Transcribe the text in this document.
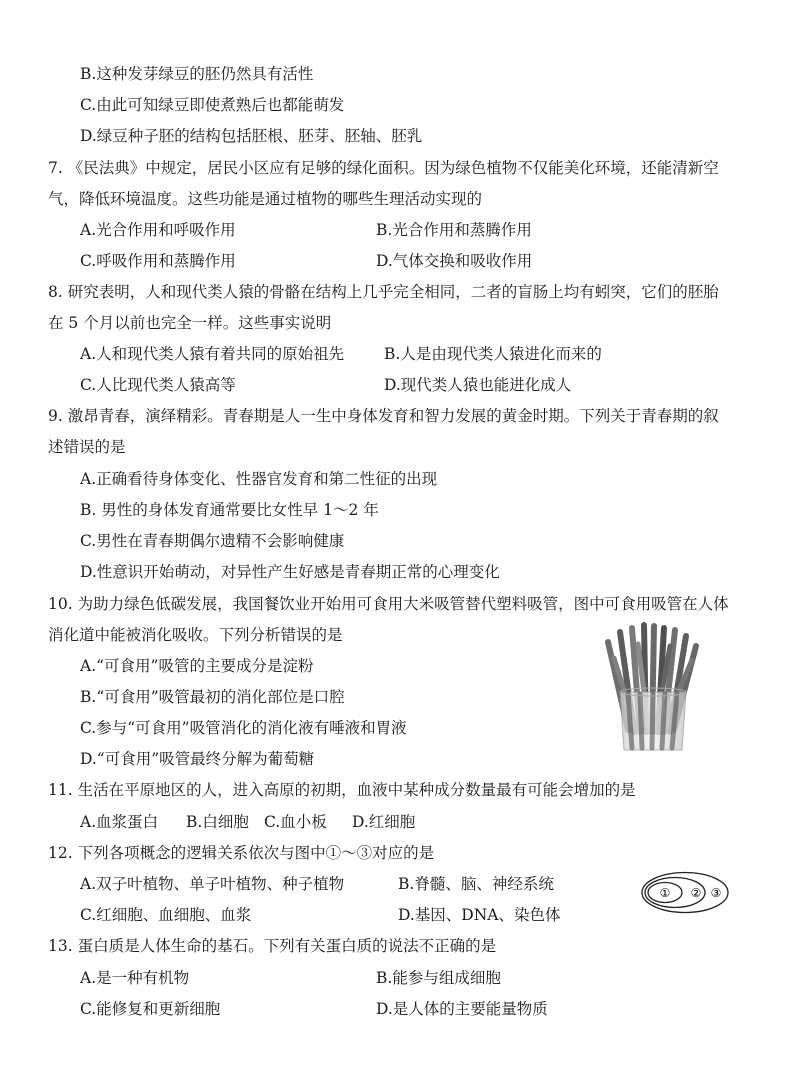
B.这种发芽绿豆的胚仍然具有活性
C.由此可知绿豆即使煮熟后也都能萌发
D.绿豆种子胚的结构包括胚根、胚芽、胚轴、胚乳
7. 《民法典》中规定，居民小区应有足够的绿化面积。因为绿色植物不仅能美化环境，还能清新空
气，降低环境温度。这些功能是通过植物的哪些生理活动实现的
A.光合作用和呼吸作用	B.光合作用和蒸腾作用
C.呼吸作用和蒸腾作用	D.气体交换和吸收作用
8. 研究表明，人和现代类人猿的骨骼在结构上几乎完全相同，二者的盲肠上均有蚓突，它们的胚胎
在 5 个月以前也完全一样。这些事实说明
A.人和现代类人猿有着共同的原始祖先	B.人是由现代类人猿进化而来的
C.人比现代类人猿高等	D.现代类人猿也能进化成人
9. 激昂青春，演绎精彩。青春期是人一生中身体发育和智力发展的黄金时期。下列关于青春期的叙
述错误的是
A.正确看待身体变化、性器官发育和第二性征的出现
B. 男性的身体发育通常要比女性早 1～2 年
C.男性在青春期偶尔遗精不会影响健康
D.性意识开始萌动，对异性产生好感是青春期正常的心理变化
10. 为助力绿色低碳发展，我国餐饮业开始用可食用大米吸管替代塑料吸管，图中可食用吸管在人体
消化道中能被消化吸收。下列分析错误的是
A.“可食用”吸管的主要成分是淀粉
B.“可食用”吸管最初的消化部位是口腔
C.参与“可食用”吸管消化的消化液有唾液和胃液
D.“可食用”吸管最终分解为葡萄糖
11. 生活在平原地区的人，进入高原的初期，血液中某种成分数量最有可能会增加的是
A.血浆蛋白 B.白细胞 C.血小板 D.红细胞
12. 下列各项概念的逻辑关系依次与图中①～③对应的是
A.双子叶植物、单子叶植物、种子植物	B.脊髓、脑、神经系统
C.红细胞、血细胞、血浆	D.基因、DNA、染色体
① ② ③
13. 蛋白质是人体生命的基石。下列有关蛋白质的说法不正确的是
A.是一种有机物	B.能参与组成细胞
C.能修复和更新细胞	D.是人体的主要能量物质
